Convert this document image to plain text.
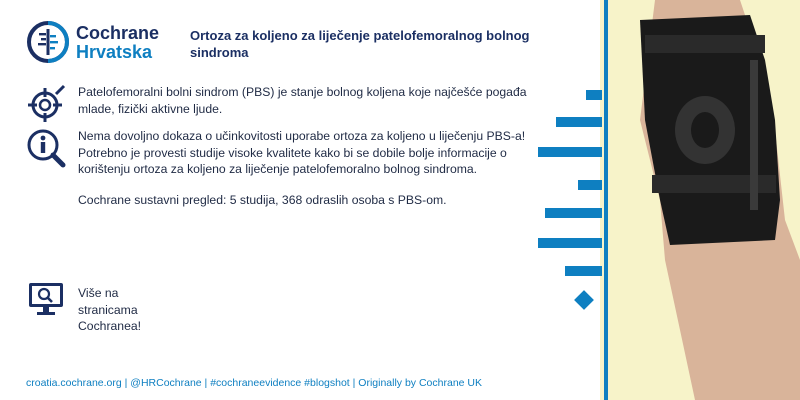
Cochrane
Hrvatska
Ortoza za koljeno za liječenje patelofemoralnog bolnog sindroma
Patelofemoralni bolni sindrom (PBS) je stanje bolnog koljena koje najčešće pogađa mlade, fizički aktivne ljude.

Nema dovoljno dokaza o učinkovitosti uporabe ortoza za koljeno u liječenju PBS-a!

Potrebno je provesti studije visoke kvalitete kako bi se dobile bolje informacije o korištenju ortoza za koljeno za liječenje patelofemoralno bolnog sindroma.

Cochrane sustavni pregled: 5 studija, 368 odraslih osoba s PBS-om.

Više na stranicama Cochranea!
croatia.cochrane.org | @HRCochrane | #cochraneevidence #blogshot | Originally by Cochrane UK
